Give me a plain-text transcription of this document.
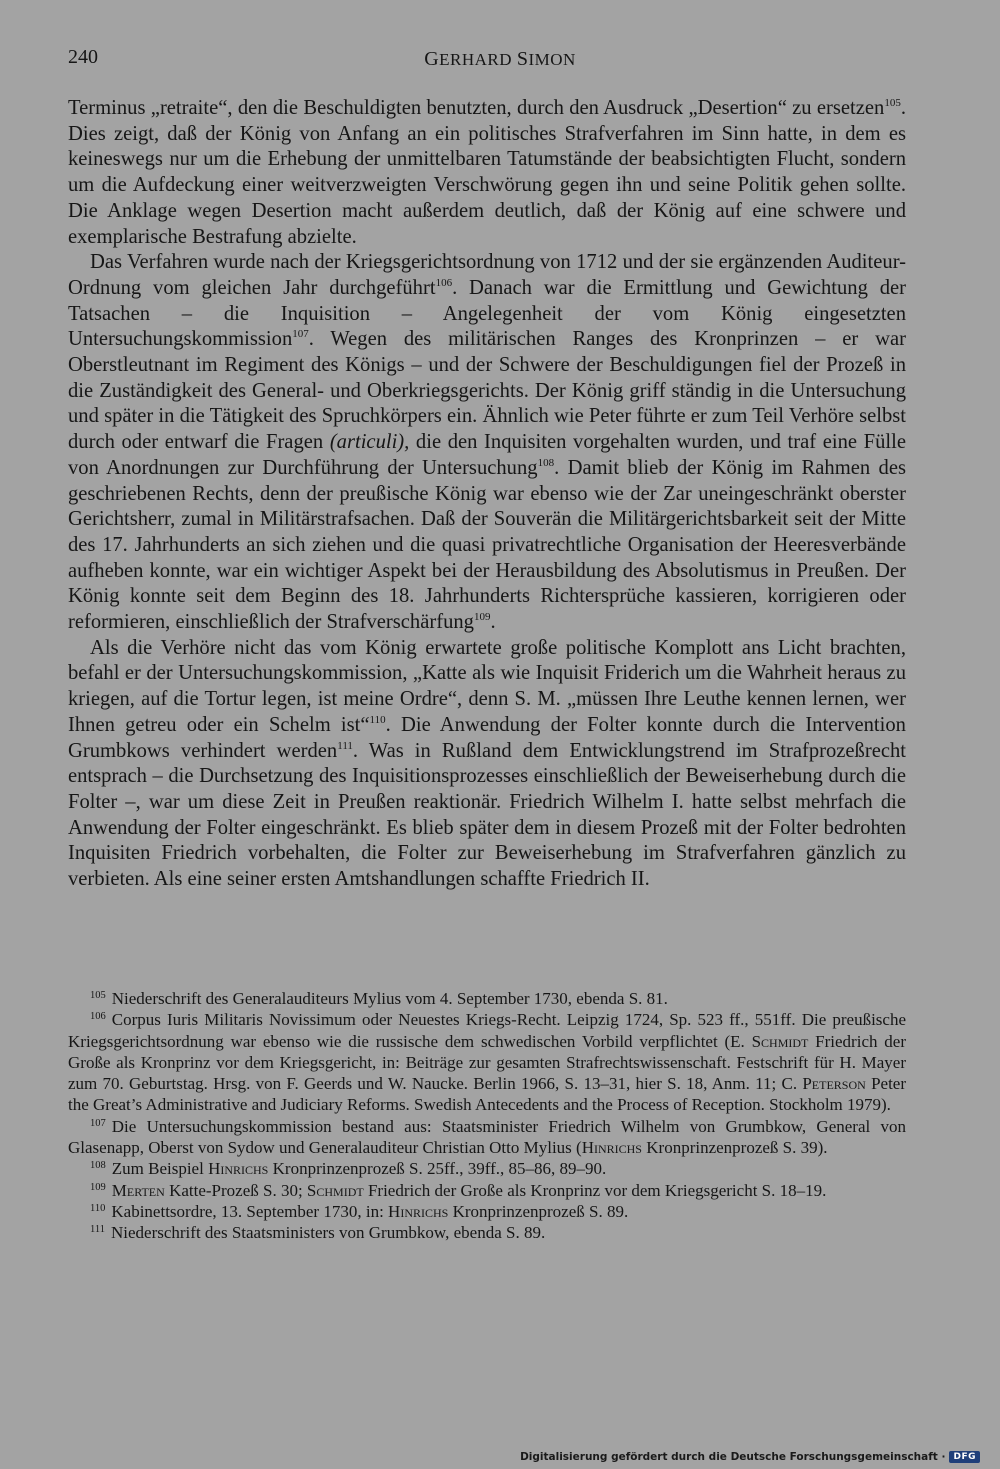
240	GERHARD SIMON

Terminus „retraite“, den die Beschuldigten benutzten, durch den Ausdruck „Desertion“ zu ersetzen$^{105}$. Dies zeigt, daß der König von Anfang an ein politisches Strafverfahren im Sinn hatte, in dem es keineswegs nur um die Erhebung der unmittelbaren Tatumstände der beabsichtigten Flucht, sondern um die Aufdeckung einer weitverzweigten Verschwörung gegen ihn und seine Politik gehen sollte. Die Anklage wegen Desertion macht außerdem deutlich, daß der König auf eine schwere und exemplarische Bestrafung abzielte.

Das Verfahren wurde nach der Kriegsgerichtsordnung von 1712 und der sie ergänzenden Auditeur-Ordnung vom gleichen Jahr durchgeführt$^{106}$. Danach war die Ermittlung und Gewichtung der Tatsachen – die Inquisition – Angelegenheit der vom König eingesetzten Untersuchungskommission$^{107}$. Wegen des militärischen Ranges des Kronprinzen – er war Oberstleutnant im Regiment des Königs – und der Schwere der Beschuldigungen fiel der Prozeß in die Zuständigkeit des General- und Oberkriegsgerichts. Der König griff ständig in die Untersuchung und später in die Tätigkeit des Spruchkörpers ein. Ähnlich wie Peter führte er zum Teil Verhöre selbst durch oder entwarf die Fragen (articuli), die den Inquisiten vorgehalten wurden, und traf eine Fülle von Anordnungen zur Durchführung der Untersuchung$^{108}$. Damit blieb der König im Rahmen des geschriebenen Rechts, denn der preußische König war ebenso wie der Zar uneingeschränkt oberster Gerichtsherr, zumal in Militärstrafsachen. Daß der Souverän die Militärgerichtsbarkeit seit der Mitte des 17. Jahrhunderts an sich ziehen und die quasi privatrechtliche Organisation der Heeresverbände aufheben konnte, war ein wichtiger Aspekt bei der Herausbildung des Absolutismus in Preußen. Der König konnte seit dem Beginn des 18. Jahrhunderts Richtersprüche kassieren, korrigieren oder reformieren, einschließlich der Strafverschärfung$^{109}$.

Als die Verhöre nicht das vom König erwartete große politische Komplott ans Licht brachten, befahl er der Untersuchungskommission, „Katte als wie Inquisit Friderich um die Wahrheit heraus zu kriegen, auf die Tortur legen, ist meine Ordre“, denn S. M. „müssen Ihre Leuthe kennen lernen, wer Ihnen getreu oder ein Schelm ist“$^{110}$. Die Anwendung der Folter konnte durch die Intervention Grumbkows verhindert werden$^{111}$. Was in Rußland dem Entwicklungstrend im Strafprozeßrecht entsprach – die Durchsetzung des Inquisitionsprozesses einschließlich der Beweiserhebung durch die Folter –, war um diese Zeit in Preußen reaktionär. Friedrich Wilhelm I. hatte selbst mehrfach die Anwendung der Folter eingeschränkt. Es blieb später dem in diesem Prozeß mit der Folter bedrohten Inquisiten Friedrich vorbehalten, die Folter zur Beweiserhebung im Strafverfahren gänzlich zu verbieten. Als eine seiner ersten Amtshandlungen schaffte Friedrich II.

$^{105}$ Niederschrift des Generalauditeurs Mylius vom 4. September 1730, ebenda S. 81.

$^{106}$ Corpus Iuris Militaris Novissimum oder Neuestes Kriegs-Recht. Leipzig 1724, Sp. 523 ff., 551ff. Die preußische Kriegsgerichtsordnung war ebenso wie die russische dem schwedischen Vorbild verpflichtet (E. Schmidt Friedrich der Große als Kronprinz vor dem Kriegsgericht, in: Beiträge zur gesamten Strafrechtswissenschaft. Festschrift für H. Mayer zum 70. Geburtstag. Hrsg. von F. Geerds und W. Naucke. Berlin 1966, S. 13–31, hier S. 18, Anm. 11; C. Peterson Peter the Great’s Administrative and Judiciary Reforms. Swedish Antecedents and the Process of Reception. Stockholm 1979).

$^{107}$ Die Untersuchungskommission bestand aus: Staatsminister Friedrich Wilhelm von Grumbkow, General von Glasenapp, Oberst von Sydow und Generalauditeur Christian Otto Mylius (Hinrichs Kronprinzenprozeß S. 39).

$^{108}$ Zum Beispiel Hinrichs Kronprinzenprozeß S. 25ff., 39ff., 85–86, 89–90.

$^{109}$ Merten Katte-Prozeß S. 30; Schmidt Friedrich der Große als Kronprinz vor dem Kriegsgericht S. 18–19.

$^{110}$ Kabinettsordre, 13. September 1730, in: Hinrichs Kronprinzenprozeß S. 89.

$^{111}$ Niederschrift des Staatsministers von Grumbkow, ebenda S. 89.

Digitalisierung gefördert durch die Deutsche Forschungsgemeinschaft
· DFG
